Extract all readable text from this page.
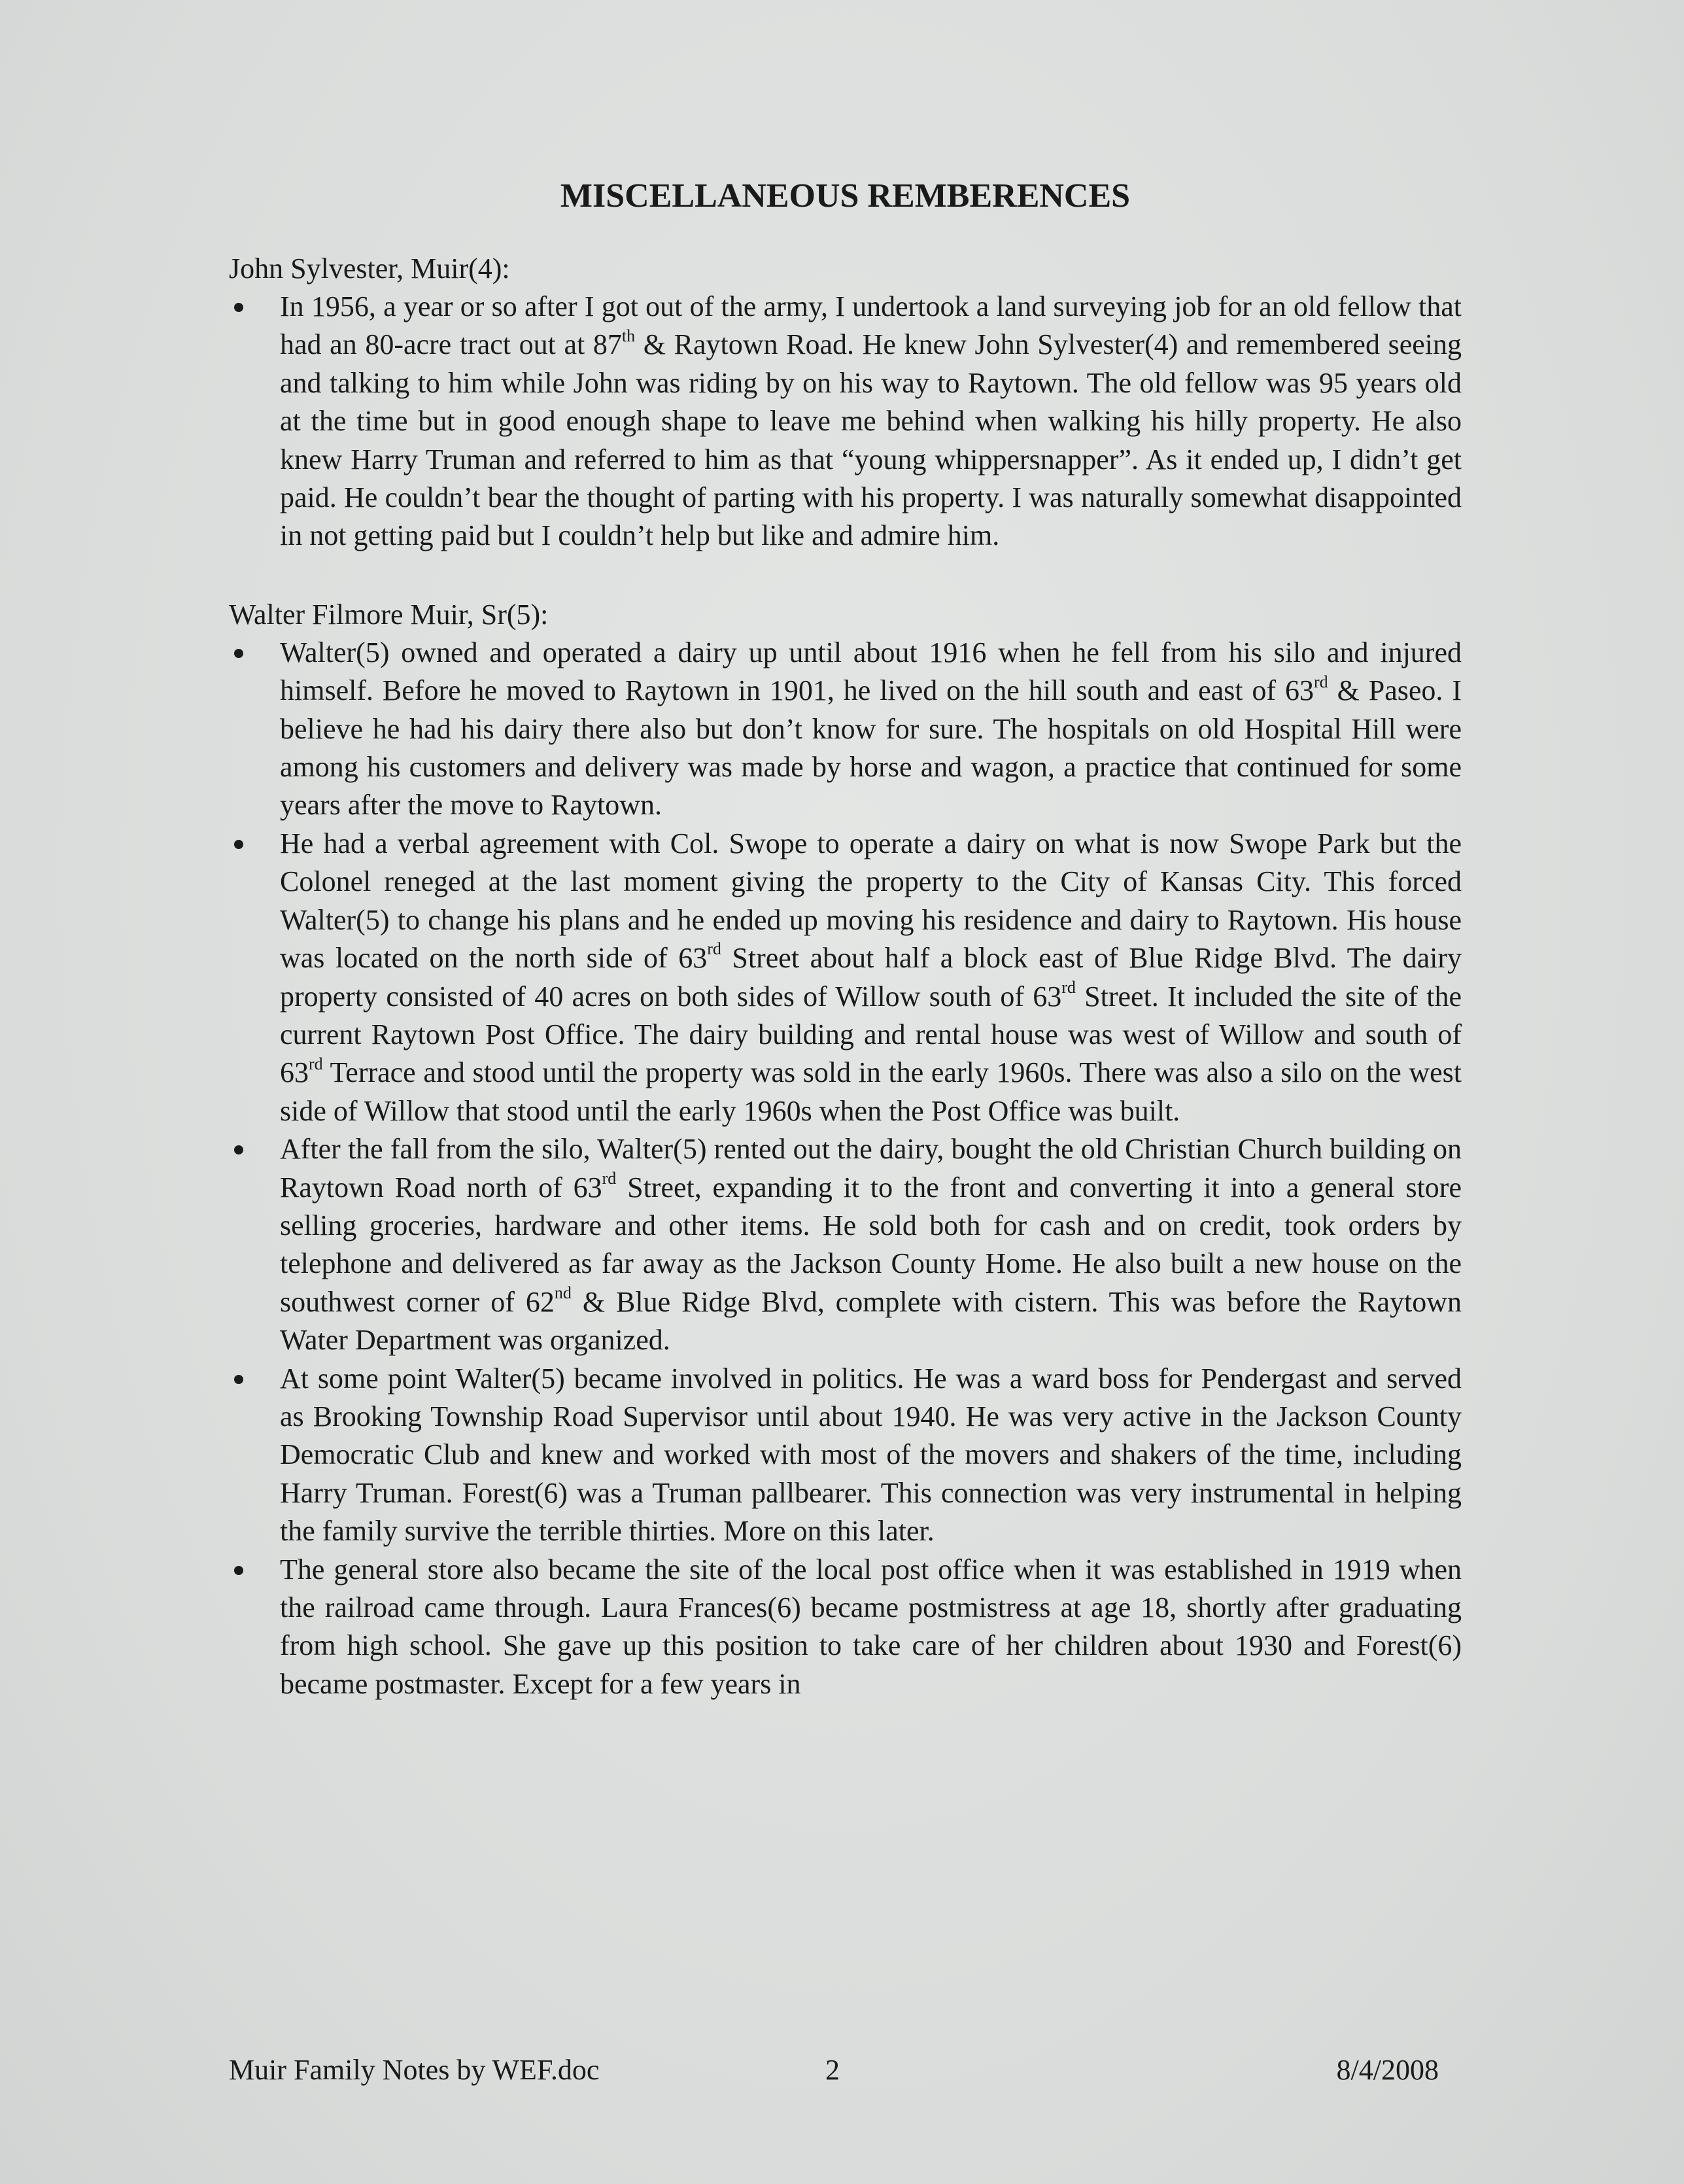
MISCELLANEOUS REMBERENCES

John Sylvester, Muir(4):

In 1956, a year or so after I got out of the army, I undertook a land surveying job for an old fellow that had an 80-acre tract out at 87th & Raytown Road. He knew John Sylvester(4) and remembered seeing and talking to him while John was riding by on his way to Raytown. The old fellow was 95 years old at the time but in good enough shape to leave me behind when walking his hilly property. He also knew Harry Truman and referred to him as that “young whippersnapper”. As it ended up, I didn’t get paid. He couldn’t bear the thought of parting with his property. I was naturally somewhat disappointed in not getting paid but I couldn’t help but like and admire him.

Walter Filmore Muir, Sr(5):

Walter(5) owned and operated a dairy up until about 1916 when he fell from his silo and injured himself. Before he moved to Raytown in 1901, he lived on the hill south and east of 63rd & Paseo. I believe he had his dairy there also but don’t know for sure. The hospitals on old Hospital Hill were among his customers and delivery was made by horse and wagon, a practice that continued for some years after the move to Raytown.
He had a verbal agreement with Col. Swope to operate a dairy on what is now Swope Park but the Colonel reneged at the last moment giving the property to the City of Kansas City. This forced Walter(5) to change his plans and he ended up moving his residence and dairy to Raytown. His house was located on the north side of 63rd Street about half a block east of Blue Ridge Blvd. The dairy property consisted of 40 acres on both sides of Willow south of 63rd Street. It included the site of the current Raytown Post Office. The dairy building and rental house was west of Willow and south of 63rd Terrace and stood until the property was sold in the early 1960s. There was also a silo on the west side of Willow that stood until the early 1960s when the Post Office was built.
After the fall from the silo, Walter(5) rented out the dairy, bought the old Christian Church building on Raytown Road north of 63rd Street, expanding it to the front and converting it into a general store selling groceries, hardware and other items. He sold both for cash and on credit, took orders by telephone and delivered as far away as the Jackson County Home. He also built a new house on the southwest corner of 62nd & Blue Ridge Blvd, complete with cistern. This was before the Raytown Water Department was organized.
At some point Walter(5) became involved in politics. He was a ward boss for Pendergast and served as Brooking Township Road Supervisor until about 1940. He was very active in the Jackson County Democratic Club and knew and worked with most of the movers and shakers of the time, including Harry Truman. Forest(6) was a Truman pallbearer. This connection was very instrumental in helping the family survive the terrible thirties. More on this later.
The general store also became the site of the local post office when it was established in 1919 when the railroad came through. Laura Frances(6) became postmistress at age 18, shortly after graduating from high school. She gave up this position to take care of her children about 1930 and Forest(6) became postmaster. Except for a few years in
Muir Family Notes by WEF.doc	2	8/4/2008
